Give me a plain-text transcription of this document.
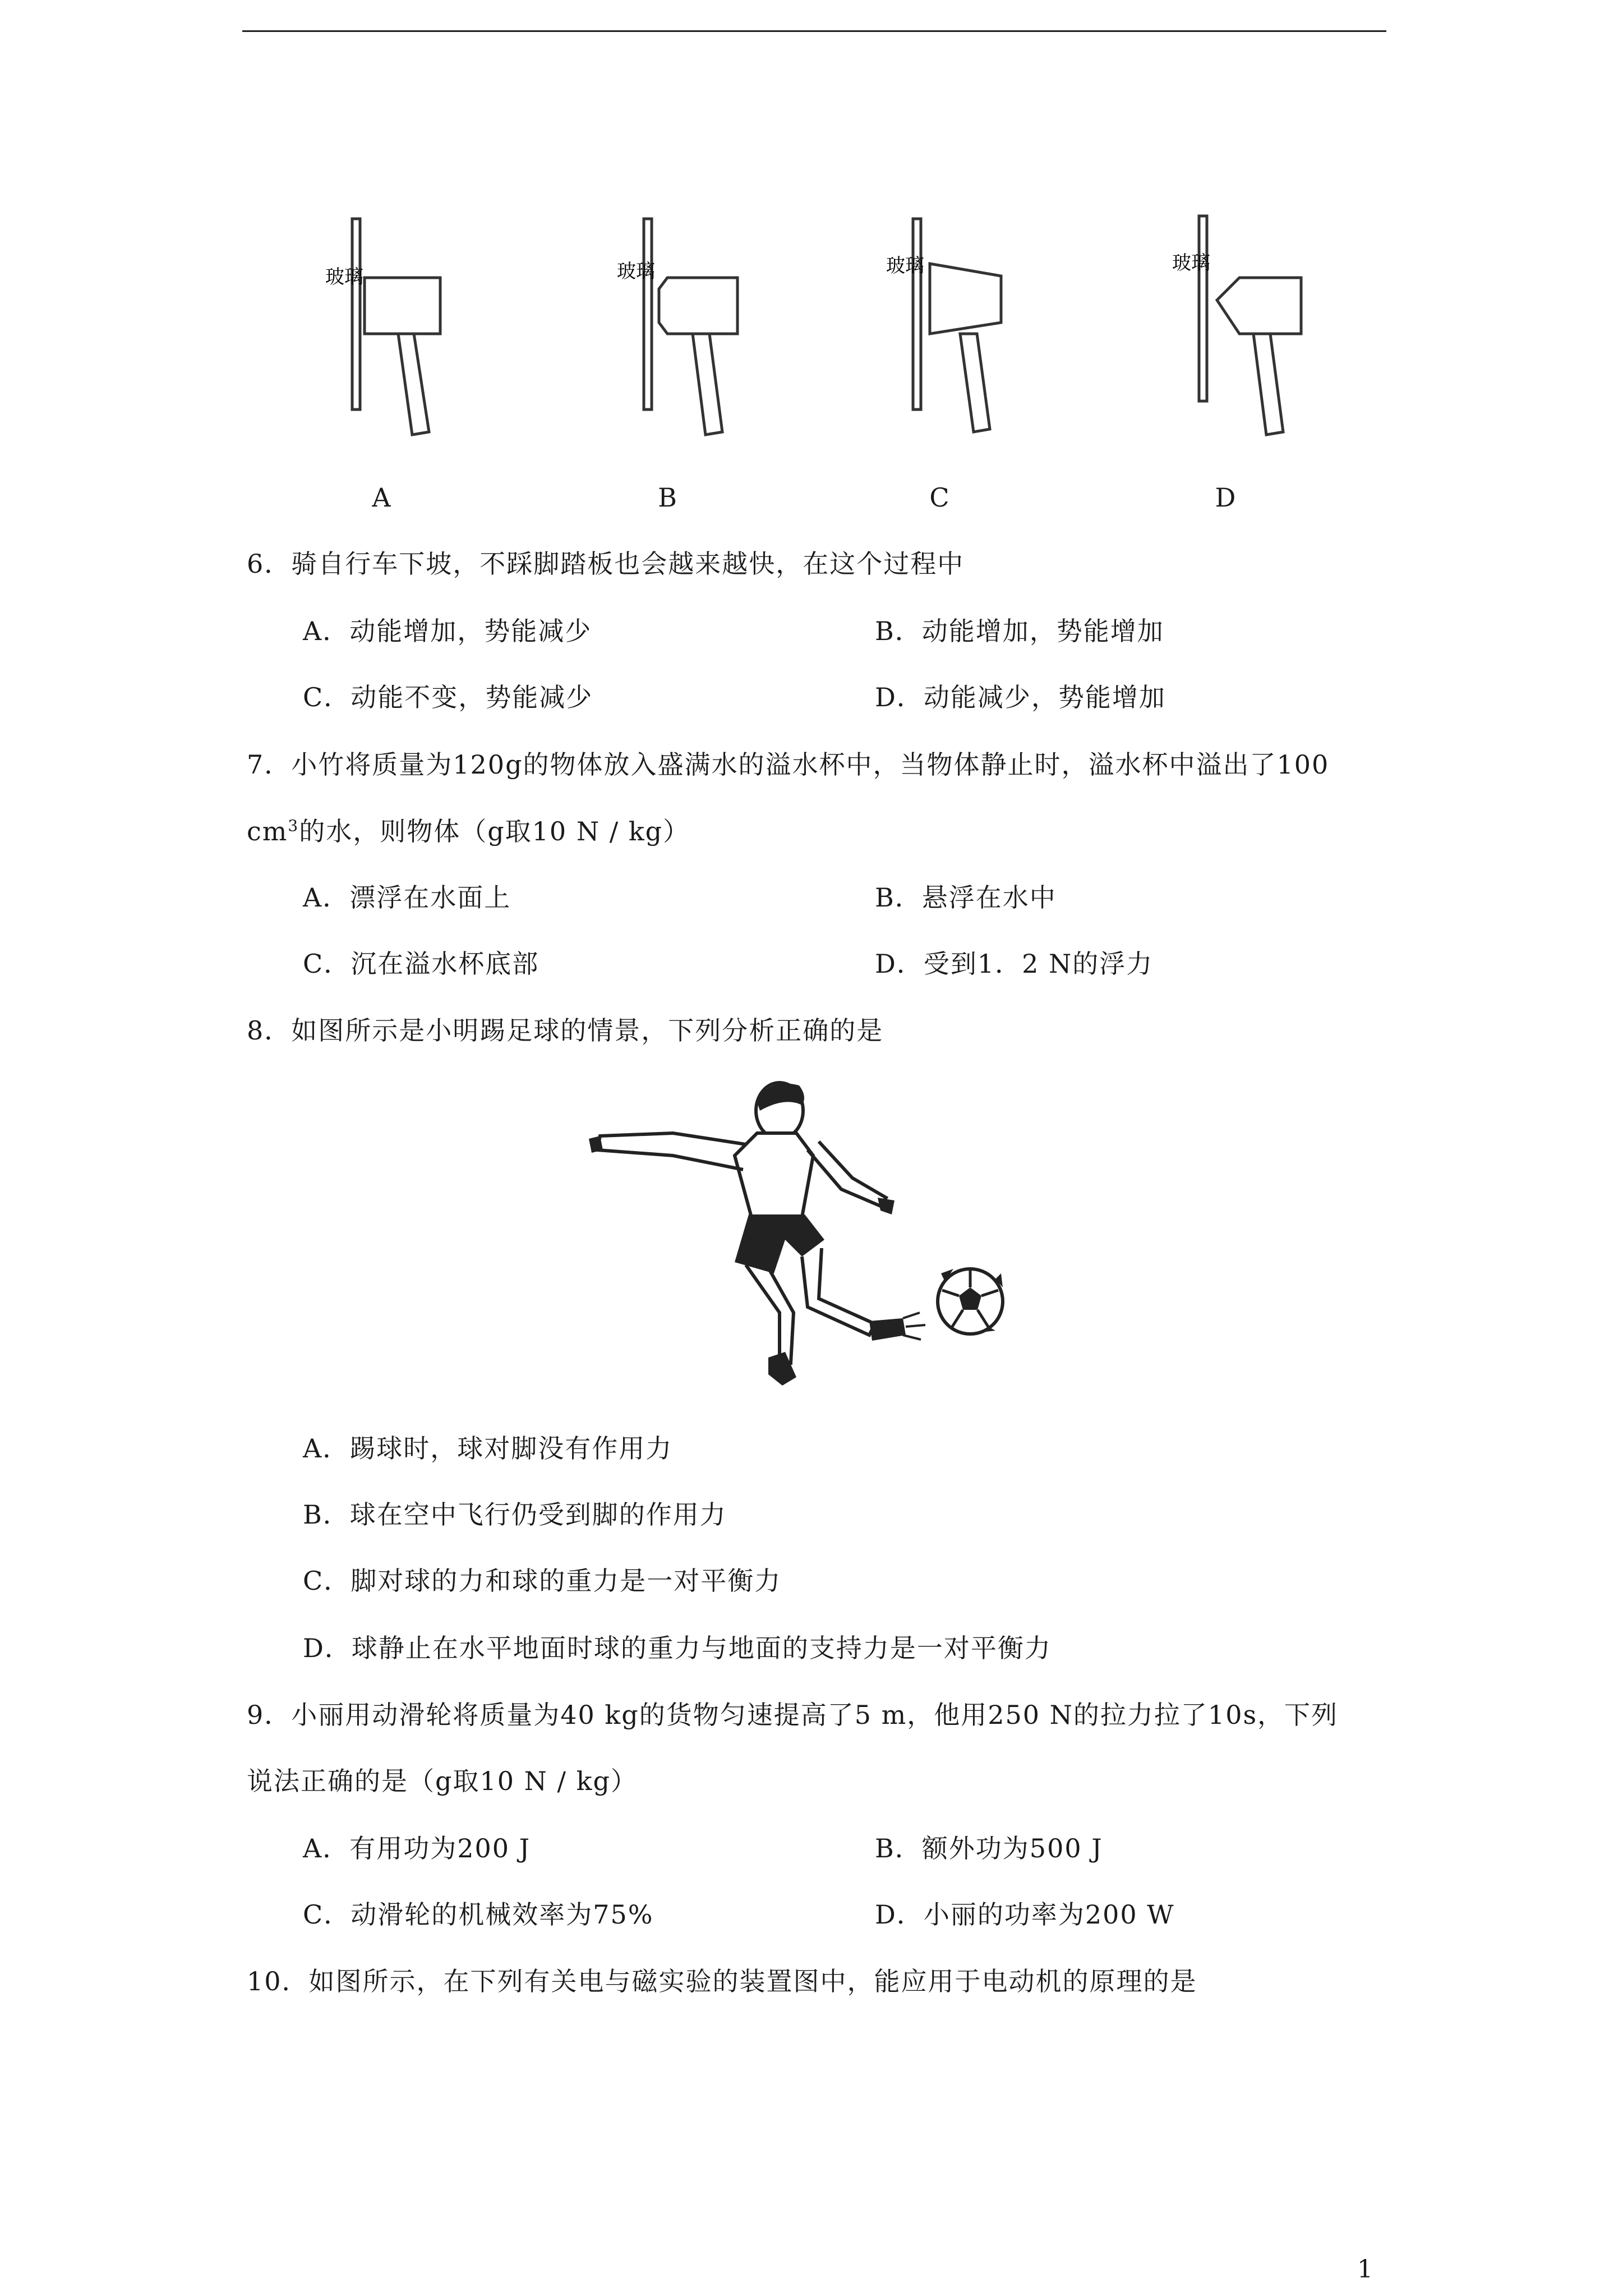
玻璃	玻璃	玻璃	玻璃
A	B	C	D
6．骑自行车下坡，不踩脚踏板也会越来越快，在这个过程中
A．动能增加，势能减少	B．动能增加，势能增加
C．动能不变，势能减少	D．动能减少，势能增加
7．小竹将质量为120g的物体放入盛满水的溢水杯中，当物体静止时，溢水杯中溢出了100
$cm^3$的水，则物体（g取10 N / kg）
A．漂浮在水面上	B．悬浮在水中
C．沉在溢水杯底部	D．受到1．2 N的浮力
8．如图所示是小明踢足球的情景，下列分析正确的是
A．踢球时，球对脚没有作用力
B．球在空中飞行仍受到脚的作用力
C．脚对球的力和球的重力是一对平衡力
D．球静止在水平地面时球的重力与地面的支持力是一对平衡力
9．小丽用动滑轮将质量为40 kg的货物匀速提高了5 m，他用250 N的拉力拉了10s，下列
说法正确的是（g取10 N / kg）
A．有用功为200 J	B．额外功为500 J
C．动滑轮的机械效率为75%	D．小丽的功率为200 W
10．如图所示，在下列有关电与磁实验的装置图中，能应用于电动机的原理的是
1
